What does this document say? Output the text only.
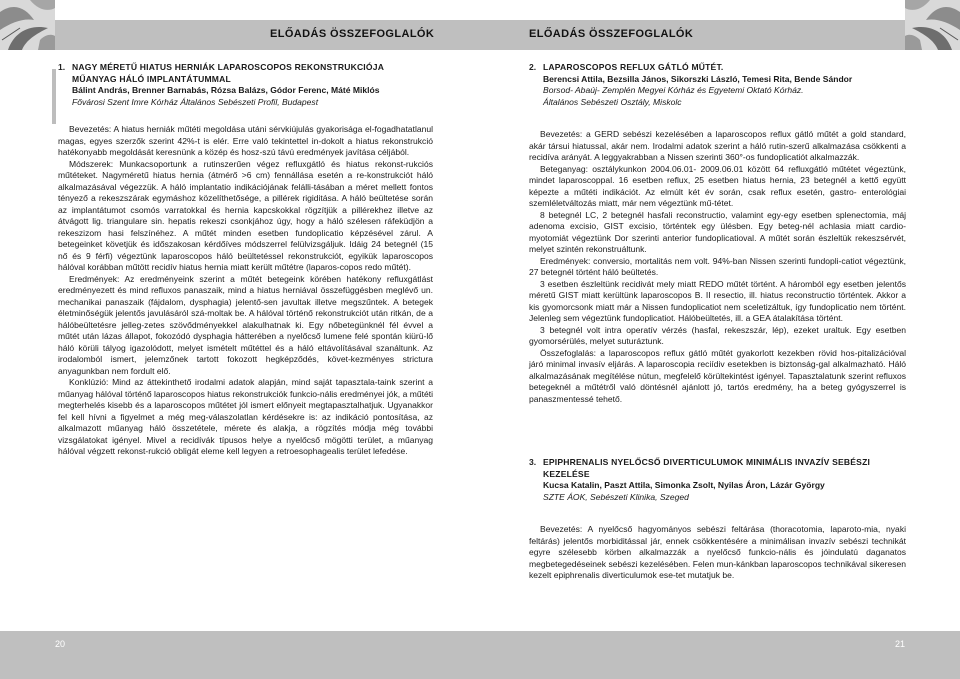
ELŐADÁS ÖSSZEFOGLALÓK
1. NAGY MÉRETŰ HIATUS HERNIÁK LAPAROSCOPOS REKONSTRUKCIÓJA
MŰANYAG HÁLÓ IMPLANTÁTUMMAL
Bálint András, Brenner Barnabás, Rózsa Balázs, Gódor Ferenc, Máté Miklós
Fővárosi Szent Imre Kórház Általános Sebészeti Profil, Budapest

Bevezetés: A hiatus herniák műtéti megoldása utáni sérvkiújulás gyakorisága el-fogadhatatlanul magas, egyes szerzők szerint 42%-t is elér. Erre való tekintettel in-dokolt a hiatus rekonstrukció hatékonyabb megoldását keresnünk a közép és hosz-szú távú eredmények javítása céljából.

Módszerek: Munkacsoportunk a rutinszerűen végez refluxgátló és hiatus rekonst-rukciós műtéteket. Nagyméretű hiatus hernia (átmérő >6 cm) fennállása esetén a re-konstrukciót háló alkalmazásával végezzük. A háló implantatio indikációjának felálli-tásában a méret mellett fontos tényező a rekeszszárak egymáshoz közelíthetősége, a pillérek rigiditása. A háló beültetése során az implantátumot csomós varratokkal és hernia kapcskokkal rögzítjük a pillérekhez illetve az átvágott lig. triangulare sin. hepatis rekeszi csonkjához úgy, hogy a háló szélesen ráfeküdjön a rekeszizom hasi felszínéhez. A műtét minden esetben fundoplicatio képzésével zárul. A betegeinket követjük és időszakosan kérdőíves módszerrel felülvizsgáljuk. Idáig 24 betegnél (15 nő és 9 férfi) végeztünk laparoscopos háló beültetéssel rekonstrukciót, egyikük laparoscopos hálóval korábban műtött recidív hiatus hernia miatt került műtétre (laparos-copos redo műtét).

Eredmények: Az eredményeink szerint a műtét betegeink körében hatékony refluxgátlást eredményezett és mind refluxos panaszaik, mind a hiatus herniával összefüggésben meglévő un. mechanikai panaszaik (fájdalom, dysphagia) jelentő-sen javultak illetve megszűntek. A betegek életminőségük jelentős javulásáról szá-moltak be. A hálóval történő rekonstrukciót után ritkán, de a hálóbeültetésre jelleg-zetes szövődményekkel alakulhatnak ki. Egy nőbetegünknél fél évvel a műtét után lázas állapot, fokozódó dysphagia hátterében a nyelőcső lumene felé spontán kiürü-lő háló körüli tályog igazolódott, melyet ismételt műtéttel és a háló eltávolításával szanáltunk. Az irodalomból ismert, jelemzőnek tartott fokozott hegképződés, követ-kezményes strictura anyagunkban nem fordult elő.

Konklúzió: Mind az áttekinthető irodalmi adatok alapján, mind saját tapasztala-taink szerint a műanyag hálóval történő laparoscopos hiatus rekonstrukciók funkcio-nális eredményei jók, a műtéti megterhelés kisebb és a laparoscopos műtétet jól ismert előnyeit megtapasztalhatjuk. Ugyanakkor fel kell hívni a figyelmet a még meg-válaszolatlan kérdésekre is: az indikáció pontosítása, az alkalmazott műanyag háló összetétele, mérete és alakja, a rögzítés módja még további vizsgálatokat igényel. Mivel a recidívák típusos helye a nyelőcső mögötti terület, a műanyag hálóval végzett rekonst-rukció obligát eleme kell legyen a retroesophagealis terület lefedése.

20
ELŐADÁS ÖSSZEFOGLALÓK
2. LAPAROSCOPOS REFLUX GÁTLÓ MŰTÉT.
Berencsi Attila, Bezsilla János, Sikorszki László, Temesi Rita, Bende Sándor
Borsod- Abaúj- Zemplén Megyei Kórház és Egyetemi Oktató Kórház.
Általános Sebészeti Osztály, Miskolc

Bevezetés: a GERD sebészi kezelésében a laparoscopos reflux gátló műtét a gold standard, akár társui hiatussal, akár nem. Irodalmi adatok szerint a háló rutin-szerű alkalmazása csökkenti a recidíva arányát. A leggyakrabban a Nissen szerinti 360°-os fundoplicatiót alkalmazzák.

Beteganyag: osztálykunkon 2004.06.01- 2009.06.01 között 64 refluxgátló műtétet végeztünk, mindet laparoscoppal. 16 esetben reflux, 25 esetben hiatus hernia, 23 betegnél a kettő együtt képezte a műtéti indikációt. Az elmúlt két év során, csak reflux esetén, gastro- enterológiai szemléletváltozás miatt, már nem végeztünk mű-tétet.

8 betegnél LC, 2 betegnél hasfali reconstructio, valamint egy-egy esetben splenectomia, máj adenoma excisio, GIST excisio, történtek egy ülésben. Egy beteg-nél achlasia miatt cardio- myotomiát végeztünk Dor szerinti anterior fundoplicatioval. A műtét során észleltük rekeszsérvét, melyet szintén rekonstruáltunk.

Eredmények: conversio, mortalitás nem volt. 94%-ban Nissen szerinti fundopli-catiot végeztünk, 27 betegnél történt háló beültetés.

3 esetben észleltünk recidivát mely miatt REDO műtét történt. A háromból egy esetben jelentős méretű GIST miatt kerültünk laparoscopos B. II resectio, ill. hiatus reconstructio történtek. Akkor a kis gyomorcsonk miatt már a Nissen fundoplicatiot nem sceletizáltuk, így fundoplicatio nem történt. Jelenleg sem végeztünk fundoplicatiot. Hálóbeültetés, ill. a GEA átalakítása történt.

3 betegnél volt intra operatív vérzés (hasfal, rekeszszár, lép), ezeket uraltuk. Egy esetben gyomorsérülés, melyet suturáztunk.

Összefoglalás: a laparoscopos reflux gátló műtét gyakorlott kezekben rövid hos-pitalizációval járó minimal invasív eljárás. A laparoscopia reciídiv esetekben is biztonság-gal alkalmazható. Háló alkalmazásának megítélése nútun, megfelelő körültekintést igényel. Tapasztalatunk szerint refluxos betegeknél a műtétről való döntésnél ajánlott jó, tartós eredmény, ha a beteg gyógyszerrel is panaszmentessé tehető.

3. EPIPHRENALIS NYELŐCSŐ DIVERTICULUMOK MINIMÁLIS INVAZÍV SEBÉSZI
KEZELÉSE
Kucsa Katalin, Paszt Attila, Simonka Zsolt, Nyilas Áron, Lázár György
SZTE ÁOK, Sebészeti Klinika, Szeged

Bevezetés: A nyelőcső hagyományos sebészi feltárása (thoracotomia, laparoto-mia, nyaki feltárás) jelentős morbiditással jár, ennek csökkentésére a minimálisan invazív sebészi technikát egyre szélesebb körben alkalmazzák a nyelőcső funkcio-nális és jóindulatú daganatos megbetegedéseinek sebészi kezelésében. Felen mun-kánkban laparoscopos technikával sikeresen kezelt epiphrenalis diverticulumok ese-tet mutatjuk be.

21
